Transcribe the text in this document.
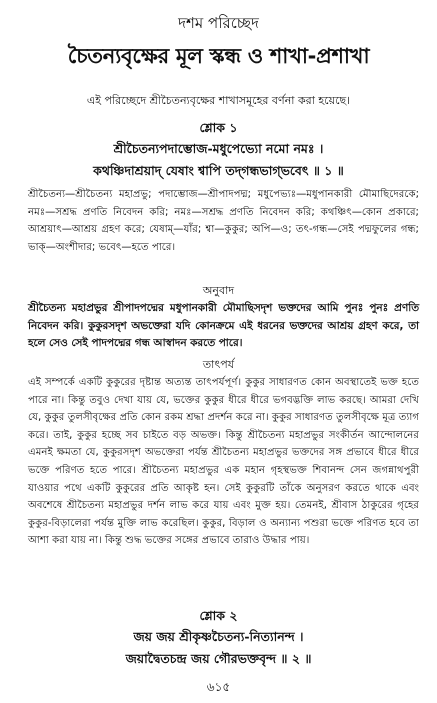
দশম পরিচ্ছেদ
চৈতন্যবৃক্ষের মূল স্কন্ধ ও শাখা-প্রশাখা
এই পরিচ্ছেদে শ্রীচৈতন্যবৃক্ষের শাখাসমূহের বর্ণনা করা হয়েছে।
শ্লোক ১
শ্রীচৈতন্যপদাম্ভোজ-মধুপেভ্যো নমো নমঃ ।
কথঞ্চিদাশ্রয়াদ্ যেষাং শ্বাপি তদ্‌গন্ধভাগ্‌ভবেৎ ॥ ১ ॥

শ্রীচৈতন্য—শ্রীচৈতন্য মহাপ্রভু; পদাম্ভোজ—শ্রীপাদপদ্ম; মধুপেভ্যঃ—মধুপানকারী মৌমাছিদেরকে; নমঃ—সশ্রদ্ধ প্রণতি নিবেদন করি; নমঃ—সশ্রদ্ধ প্রণতি নিবেদন করি; কথঞ্চিৎ—কোন প্রকারে; আশ্রয়াৎ—আশ্রয় গ্রহণ করে; যেষাম্—যাঁর; শ্বা—কুকুর; অপি—ও; তৎ-গন্ধ—সেই পদ্মফুলের গন্ধ; ভাক্—অংশীদার; ভবেৎ—হতে পারে।

অনুবাদ

শ্রীচৈতন্য মহাপ্রভুর শ্রীপাদপদ্মের মধুপানকারী মৌমাছিসদৃশ ভক্তদের আমি পুনঃ পুনঃ প্রণতি নিবেদন করি। কুকুরসদৃশ অভক্তেরা যদি কোনক্রমে এই ধরনের ভক্তদের আশ্রয় গ্রহণ করে, তা হলে সেও সেই পাদপদ্মের গন্ধ আস্বাদন করতে পারে।

তাৎপর্য

এই সম্পর্কে একটি কুকুরের দৃষ্টান্ত অত্যন্ত তাৎপর্যপূর্ণ। কুকুর সাধারণত কোন অবস্থাতেই ভক্ত হতে পারে না। কিন্তু তবুও দেখা যায় যে, ভক্তের কুকুর ধীরে ধীরে ভগবদ্ভক্তি লাভ করছে। আমরা দেখি যে, কুকুর তুলসীবৃক্ষের প্রতি কোন রকম শ্রদ্ধা প্রদর্শন করে না। কুকুর সাধারণত তুলসীবৃক্ষে মূত্র ত্যাগ করে। তাই, কুকুর হচ্ছে সব চাইতে বড় অভক্ত। কিন্তু শ্রীচৈতন্য মহাপ্রভুর সংকীর্তন আন্দোলনের এমনই ক্ষমতা যে, কুকুরসদৃশ অভক্তেরা পর্যন্ত শ্রীচৈতন্য মহাপ্রভুর ভক্তদের সঙ্গ প্রভাবে ধীরে ধীরে ভক্তে পরিণত হতে পারে। শ্রীচৈতন্য মহাপ্রভুর এক মহান গৃহস্থভক্ত শিবানন্দ সেন জগন্নাথপুরী যাওয়ার পথে একটি কুকুরের প্রতি আকৃষ্ট হন। সেই কুকুরটি তাঁকে অনুসরণ করতে থাকে এবং অবশেষে শ্রীচৈতন্য মহাপ্রভুর দর্শন লাভ করে যায় এবং মুক্ত হয়। তেমনই, শ্রীবাস ঠাকুরের গৃহের কুকুর-বিড়ালেরা পর্যন্ত মুক্তি লাভ করেছিল। কুকুর, বিড়াল ও অন্যান্য পশুরা ভক্তে পরিণত হবে তা আশা করা যায় না। কিন্তু শুদ্ধ ভক্তের সঙ্গের প্রভাবে তারাও উদ্ধার পায়।

শ্লোক ২
জয় জয় শ্রীকৃষ্ণচৈতন্য-নিত্যানন্দ ।
জয়াদ্বৈতচন্দ্র জয় গৌরভক্তবৃন্দ ॥ ২ ॥
৬১৫
